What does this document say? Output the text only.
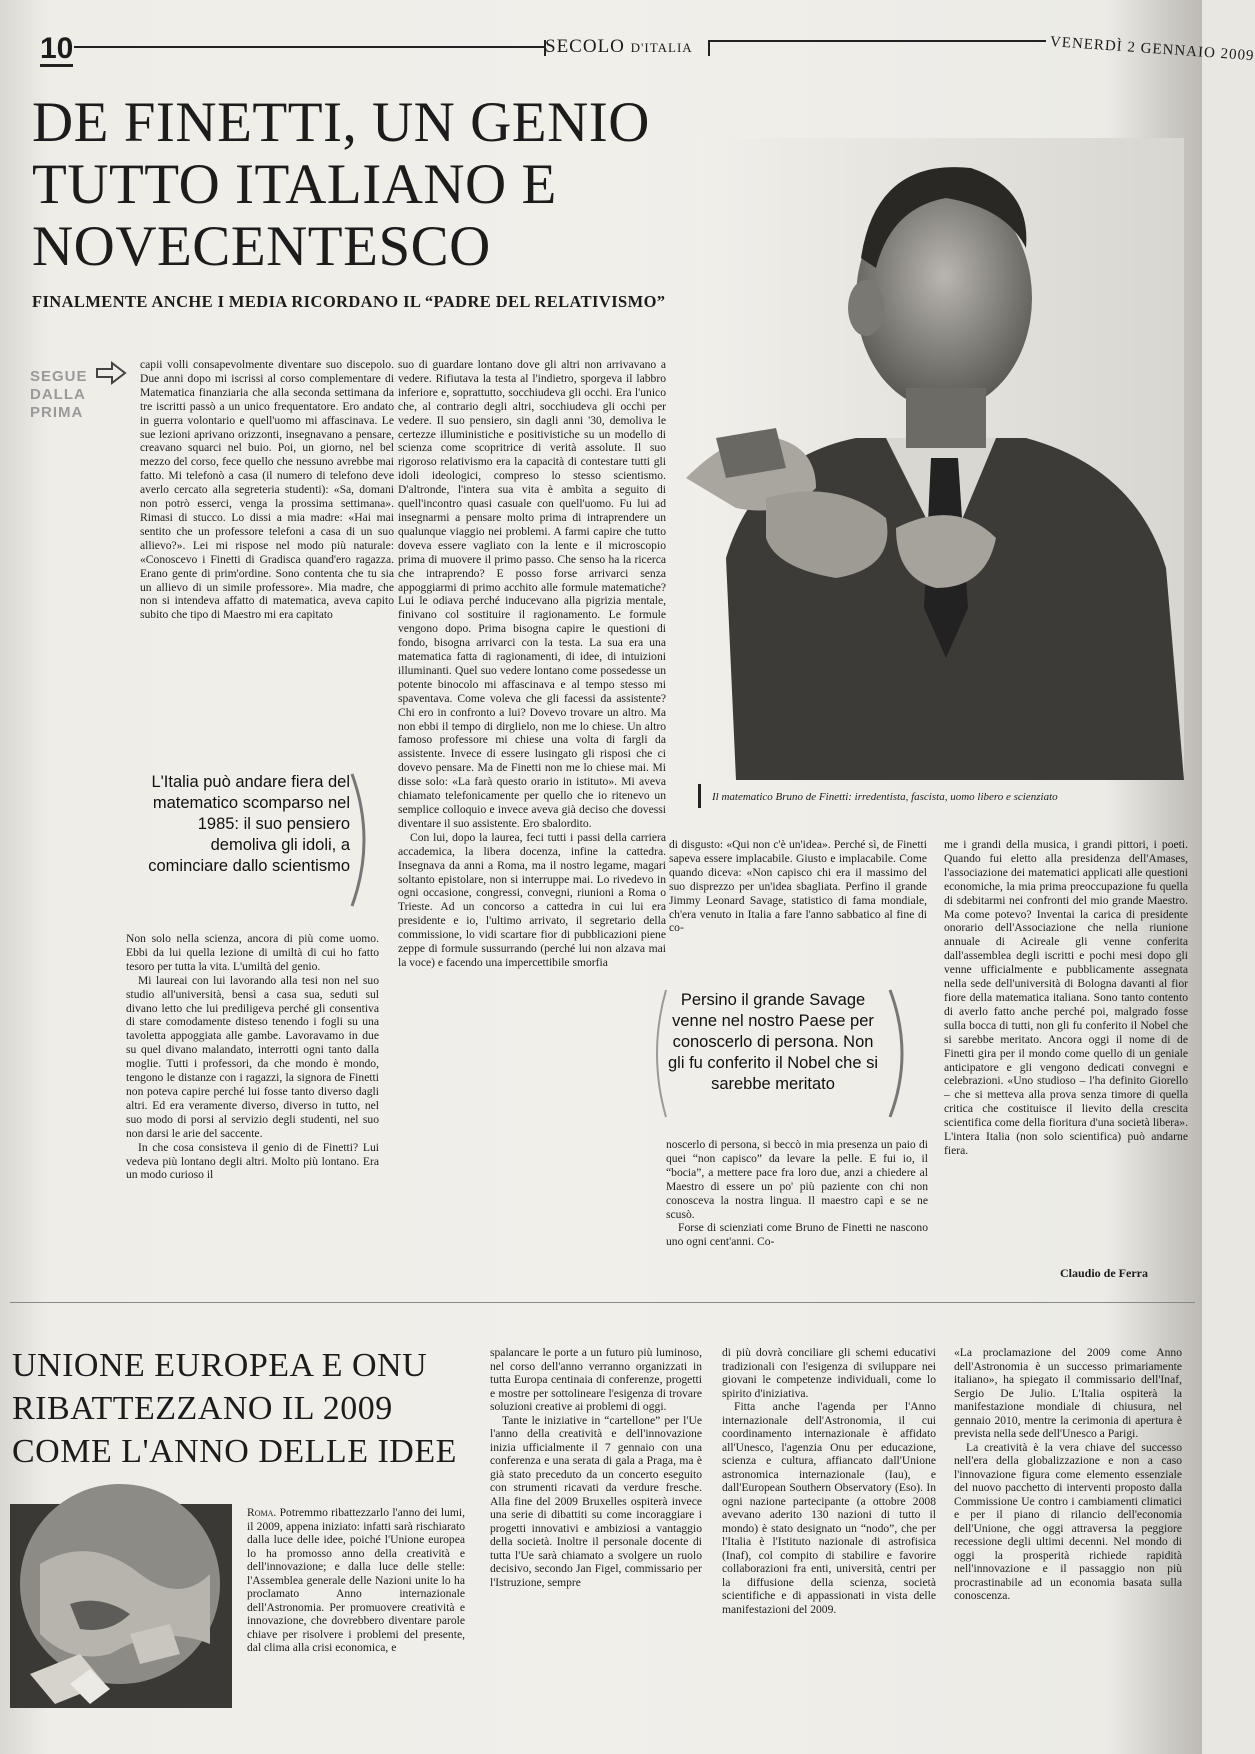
10	SECOLO D'ITALIA	VENERDÌ 2 GENNAIO 2009
DE FINETTI, UN GENIO TUTTO ITALIANO E NOVECENTESCO
FINALMENTE ANCHE I MEDIA RICORDANO IL “PADRE DEL RELATIVISMO”
Il matematico Bruno de Finetti: irredentista, fascista, uomo libero e scienziato
SEGUE DALLA PRIMA

capii volli consapevolmente diventare suo discepolo. Due anni dopo mi iscrissi al corso complementare di Matematica finanziaria che alla seconda settimana da tre iscritti passò a un unico frequentatore. Ero andato in guerra volontario e quell'uomo mi affascinava. Le sue lezioni aprivano orizzonti, insegnavano a pensare, creavano squarci nel buio. Poi, un giorno, nel bel mezzo del corso, fece quello che nessuno avrebbe mai fatto. Mi telefonò a casa (il numero di telefono deve averlo cercato alla segreteria studenti): «Sa, domani non potrò esserci, venga la prossima settimana». Rimasi di stucco. Lo dissi a mia madre: «Hai mai sentito che un professore telefoni a casa di un suo allievo?». Lei mi rispose nel modo più naturale: «Conoscevo i Finetti di Gradisca quand'ero ragazza. Erano gente di prim'ordine. Sono contenta che tu sia un allievo di un simile professore». Mia madre, che non si intendeva affatto di matematica, aveva capito subito che tipo di Maestro mi era capitato

L'Italia può andare fiera del matematico scomparso nel 1985: il suo pensiero demoliva gli idoli, a cominciare dallo scientismo

Non solo nella scienza, ancora di più come uomo. Ebbi da lui quella lezione di umiltà di cui ho fatto tesoro per tutta la vita. L'umiltà del genio.

Mi laureai con lui lavorando alla tesi non nel suo studio all'università, bensì a casa sua, seduti sul divano letto che lui prediligeva perché gli consentiva di stare comodamente disteso tenendo i fogli su una tavoletta appoggiata alle gambe. Lavoravamo in due su quel divano malandato, interrotti ogni tanto dalla moglie. Tutti i professori, da che mondo è mondo, tengono le distanze con i ragazzi, la signora de Finetti non poteva capire perché lui fosse tanto diverso dagli altri. Ed era veramente diverso, diverso in tutto, nel suo modo di porsi al servizio degli studenti, nel suo non darsi le arie del saccente.

In che cosa consisteva il genio di de Finetti? Lui vedeva più lontano degli altri. Molto più lontano. Era un modo curioso il

suo di guardare lontano dove gli altri non arrivavano a vedere. Rifiutava la testa al l'indietro, sporgeva il labbro inferiore e, soprattutto, socchiudeva gli occhi. Era l'unico che, al contrario degli altri, socchiudeva gli occhi per vedere. Il suo pensiero, sin dagli anni '30, demoliva le certezze illuministiche e positivistiche su un modello di scienza come scopritrice di verità assolute. Il suo rigoroso relativismo era la capacità di contestare tutti gli idoli ideologici, compreso lo stesso scientismo. D'altronde, l'intera sua vita è ambìta a seguito di quell'incontro quasi casuale con quell'uomo. Fu lui ad insegnarmi a pensare molto prima di intraprendere un qualunque viaggio nei problemi. A farmi capire che tutto doveva essere vagliato con la lente e il microscopio prima di muovere il primo passo. Che senso ha la ricerca che intraprendo? E posso forse arrivarci senza appoggiarmi di primo acchito alle formule matematiche? Lui le odiava perché inducevano alla pigrizia mentale, finivano col sostituire il ragionamento. Le formule vengono dopo. Prima bisogna capire le questioni di fondo, bisogna arrivarci con la testa. La sua era una matematica fatta di ragionamenti, di idee, di intuizioni illuminanti. Quel suo vedere lontano come possedesse un potente binocolo mi affascinava e al tempo stesso mi spaventava. Come voleva che gli facessi da assistente? Chi ero in confronto a lui? Dovevo trovare un altro. Ma non ebbi il tempo di dirglielo, non me lo chiese. Un altro famoso professore mi chiese una volta di fargli da assistente. Invece di essere lusingato gli risposi che ci dovevo pensare. Ma de Finetti non me lo chiese mai. Mi disse solo: «La farà questo orario in istituto». Mi aveva chiamato telefonicamente per quello che io ritenevo un semplice colloquio e invece aveva già deciso che dovessi diventare il suo assistente. Ero sbalordito.

Con lui, dopo la laurea, feci tutti i passi della carriera accademica, la libera docenza, infine la cattedra. Insegnava da anni a Roma, ma il nostro legame, magari soltanto epistolare, non si interruppe mai. Lo rivedevo in ogni occasione, congressi, convegni, riunioni a Roma o Trieste. Ad un concorso a cattedra in cui lui era presidente e io, l'ultimo arrivato, il segretario della commissione, lo vidi scartare fior di pubblicazioni piene zeppe di formule sussurrando (perché lui non alzava mai la voce) e facendo una impercettibile smorfia

di disgusto: «Qui non c'è un'idea». Perché sì, de Finetti sapeva essere implacabile. Giusto e implacabile. Come quando diceva: «Non capisco chi era il massimo del suo disprezzo per un'idea sbagliata. Perfino il grande Jimmy Leonard Savage, statistico di fama mondiale, ch'era venuto in Italia a fare l'anno sabbatico al fine di co-

Persino il grande Savage venne nel nostro Paese per conoscerlo di persona. Non gli fu conferito il Nobel che si sarebbe meritato

noscerlo di persona, si beccò in mia presenza un paio di quei “non capisco” da levare la pelle. E fui io, il “bocia”, a mettere pace fra loro due, anzi a chiedere al Maestro di essere un po' più paziente con chi non conosceva la nostra lingua. Il maestro capì e se ne scusò.

Forse di scienziati come Bruno de Finetti ne nascono uno ogni cent'anni. Co-

me i grandi della musica, i grandi pittori, i poeti. Quando fui eletto alla presidenza dell'Amases, l'associazione dei matematici applicati alle questioni economiche, la mia prima preoccupazione fu quella di sdebitarmi nei confronti del mio grande Maestro. Ma come potevo? Inventai la carica di presidente onorario dell'Associazione che nella riunione annuale di Acireale gli venne conferita dall'assemblea degli iscritti e pochi mesi dopo gli venne ufficialmente e pubblicamente assegnata nella sede dell'università di Bologna davanti al fior fiore della matematica italiana. Sono tanto contento di averlo fatto anche perché poi, malgrado fosse sulla bocca di tutti, non gli fu conferito il Nobel che si sarebbe meritato. Ancora oggi il nome di de Finetti gira per il mondo come quello di un geniale anticipatore e gli vengono dedicati convegni e celebrazioni. «Uno studioso – l'ha definito Giorello – che si metteva alla prova senza timore di quella critica che costituisce il lievito della crescita scientifica come della fioritura d'una società libera». L'intera Italia (non solo scientifica) può andarne fiera.

Claudio de Ferra
UNIONE EUROPEA E ONU RIBATTEZZANO IL 2009 COME L'ANNO DELLE IDEE

Roma. Potremmo ribattezzarlo l'anno dei lumi, il 2009, appena iniziato: infatti sarà rischiarato dalla luce delle idee, poiché l'Unione europea lo ha promosso anno della creatività e dell'innovazione; e dalla luce delle stelle: l'Assemblea generale delle Nazioni unite lo ha proclamato Anno internazionale dell'Astronomia. Per promuovere creatività e innovazione, che dovrebbero diventare parole chiave per risolvere i problemi del presente, dal clima alla crisi economica, e

spalancare le porte a un futuro più luminoso, nel corso dell'anno verranno organizzati in tutta Europa centinaia di conferenze, progetti e mostre per sottolineare l'esigenza di trovare soluzioni creative ai problemi di oggi.

Tante le iniziative in “cartellone” per l'Ue l'anno della creatività e dell'innovazione inizia ufficialmente il 7 gennaio con una conferenza e una serata di gala a Praga, ma è già stato preceduto da un concerto eseguito con strumenti ricavati da verdure fresche. Alla fine del 2009 Bruxelles ospiterà invece una serie di dibattiti su come incoraggiare i progetti innovativi e ambiziosi a vantaggio della società. Inoltre il personale docente di tutta l'Ue sarà chiamato a svolgere un ruolo decisivo, secondo Jan Figel, commissario per l'Istruzione, sempre

di più dovrà conciliare gli schemi educativi tradizionali con l'esigenza di sviluppare nei giovani le competenze individuali, come lo spirito d'iniziativa.

Fitta anche l'agenda per l'Anno internazionale dell'Astronomia, il cui coordinamento internazionale è affidato all'Unesco, l'agenzia Onu per educazione, scienza e cultura, affiancato dall'Unione astronomica internazionale (Iau), e dall'European Southern Observatory (Eso). In ogni nazione partecipante (a ottobre 2008 avevano aderito 130 nazioni di tutto il mondo) è stato designato un “nodo”, che per l'Italia è l'Istituto nazionale di astrofisica (Inaf), col compito di stabilire e favorire collaborazioni fra enti, università, centri per la diffusione della scienza, società scientifiche e di appassionati in vista delle manifestazioni del 2009.

«La proclamazione del 2009 come Anno dell'Astronomia è un successo primariamente italiano», ha spiegato il commissario dell'Inaf, Sergio De Julio. L'Italia ospiterà la manifestazione mondiale di chiusura, nel gennaio 2010, mentre la cerimonia di apertura è prevista nella sede dell'Unesco a Parigi.

La creatività è la vera chiave del successo nell'era della globalizzazione e non a caso l'innovazione figura come elemento essenziale del nuovo pacchetto di interventi proposto dalla Commissione Ue contro i cambiamenti climatici e per il piano di rilancio dell'economia dell'Unione, che oggi attraversa la peggiore recessione degli ultimi decenni. Nel mondo di oggi la prosperità richiede rapidità nell'innovazione e il passaggio non più procrastinabile ad un economia basata sulla conoscenza.
